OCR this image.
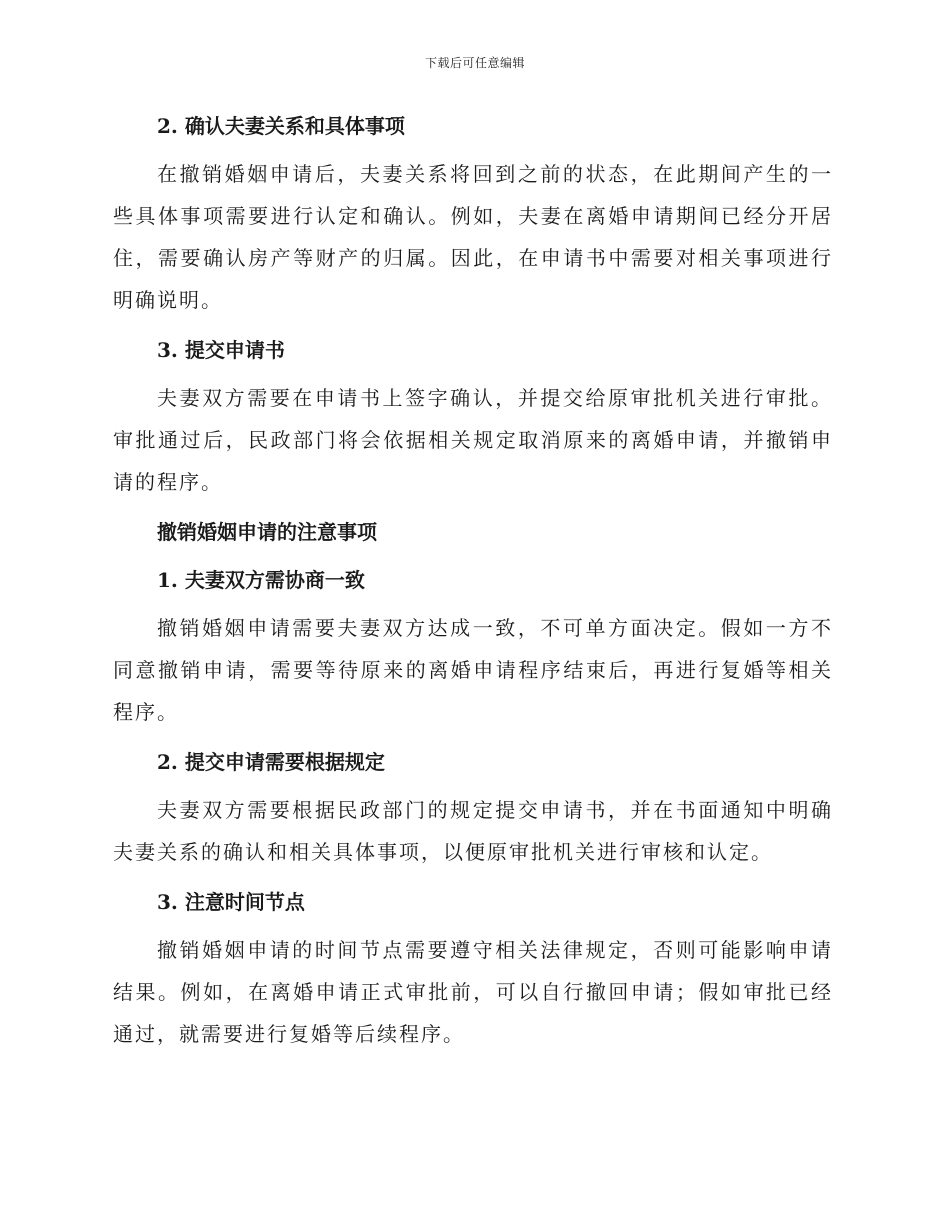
下载后可任意编辑
2. 确认夫妻关系和具体事项

在撤销婚姻申请后，夫妻关系将回到之前的状态，在此期间产生的一些具体事项需要进行认定和确认。例如，夫妻在离婚申请期间已经分开居住，需要确认房产等财产的归属。因此，在申请书中需要对相关事项进行明确说明。

3. 提交申请书

夫妻双方需要在申请书上签字确认，并提交给原审批机关进行审批。审批通过后，民政部门将会依据相关规定取消原来的离婚申请，并撤销申请的程序。

撤销婚姻申请的注意事项
1. 夫妻双方需协商一致

撤销婚姻申请需要夫妻双方达成一致，不可单方面决定。假如一方不同意撤销申请，需要等待原来的离婚申请程序结束后，再进行复婚等相关程序。

2. 提交申请需要根据规定

夫妻双方需要根据民政部门的规定提交申请书，并在书面通知中明确夫妻关系的确认和相关具体事项，以便原审批机关进行审核和认定。

3. 注意时间节点

撤销婚姻申请的时间节点需要遵守相关法律规定，否则可能影响申请结果。例如，在离婚申请正式审批前，可以自行撤回申请；假如审批已经通过，就需要进行复婚等后续程序。
